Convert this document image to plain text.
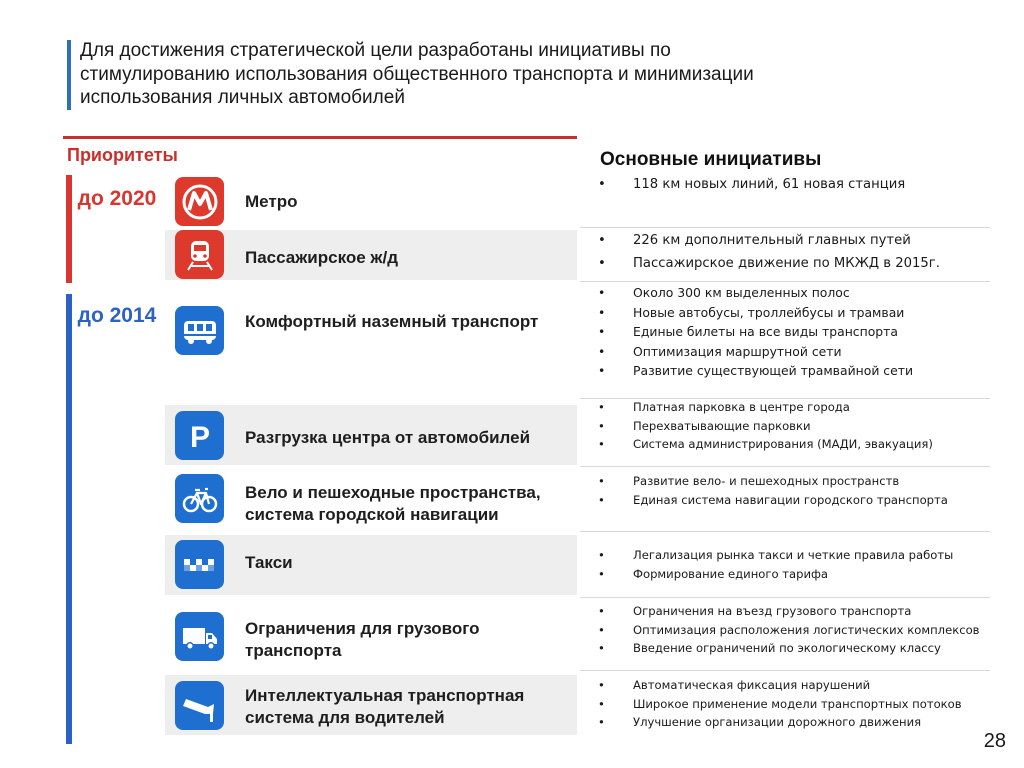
Для достижения стратегической цели разработаны инициативы по стимулированию использования общественного транспорта и минимизации использования личных автомобилей
Приоритеты
до 2020
до 2014
Метро
Пассажирское ж/д
Комфортный наземный транспорт
P Разгрузка центра от автомобилей
Вело и пешеходные пространства, система городской навигации
Такси
Ограничения для грузового транспорта
Интеллектуальная транспортная система для водителей
Основные инициативы
• 118 км новых линий, 61 новая станция
• 226 км дополнительный главных путей
• Пассажирское движение по МКЖД в 2015г.
• Около 300 км выделенных полос
• Новые автобусы, троллейбусы и трамваи
• Единые билеты на все виды транспорта
• Оптимизация маршрутной сети
• Развитие существующей трамвайной сети
• Платная парковка в центре города
• Перехватывающие парковки
• Система администрирования (МАДИ, эвакуация)
• Развитие вело- и пешеходных пространств
• Единая система навигации городского транспорта
• Легализация рынка такси и четкие правила работы
• Формирование единого тарифа
• Ограничения на въезд грузового транспорта
• Оптимизация расположения логистических комплексов
• Введение ограничений по экологическому классу
• Автоматическая фиксация нарушений
• Широкое применение модели транспортных потоков
• Улучшение организации дорожного движения
28
